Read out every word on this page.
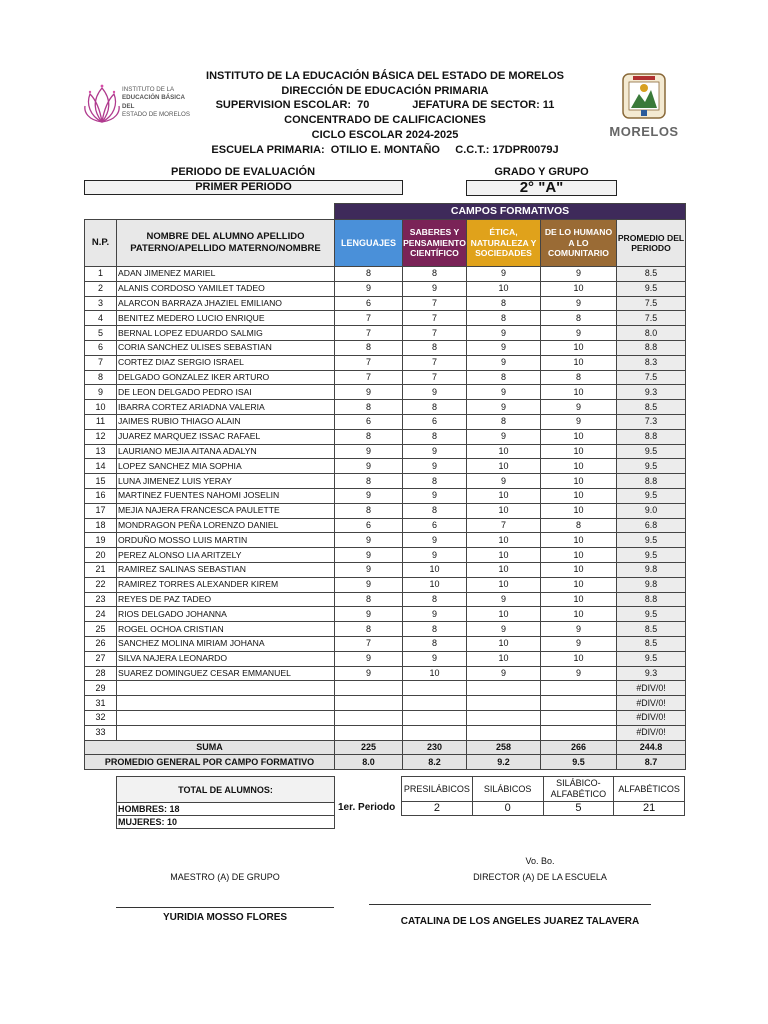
INSTITUTO DE LA
EDUCACIÓN BÁSICA DEL
ESTADO DE MORELOS
INSTITUTO DE LA EDUCACIÓN BÁSICA DEL ESTADO DE MORELOS
DIRECCIÓN DE EDUCACIÓN PRIMARIA
SUPERVISION ESCOLAR:  70              JEFATURA DE SECTOR: 11
CONCENTRADO DE CALIFICACIONES
CICLO ESCOLAR 2024-2025
ESCUELA PRIMARIA:  OTILIO E. MONTAÑO     C.C.T.: 17DPR0079J
MORELOS
PERIODO DE EVALUACIÓN
PRIMER PERIODO
GRADO Y GRUPO
2° "A"
		CAMPOS FORMATIVOS				
N.P.	NOMBRE DEL ALUMNO APELLIDO PATERNO/APELLIDO MATERNO/NOMBRE	LENGUAJES	SABERES Y PENSAMIENTO CIENTÍFICO	ÉTICA, NATURALEZA Y SOCIEDADES	DE LO HUMANO A LO COMUNITARIO	PROMEDIO DEL PERIODO
1	ADAN JIMENEZ MARIEL	8	8	9	9	8.5
2	ALANIS CORDOSO YAMILET TADEO	9	9	10	10	9.5
3	ALARCON BARRAZA JHAZIEL EMILIANO	6	7	8	9	7.5
4	BENITEZ MEDERO LUCIO ENRIQUE	7	7	8	8	7.5
5	BERNAL LOPEZ EDUARDO SALMIG	7	7	9	9	8.0
6	CORIA SANCHEZ ULISES SEBASTIAN	8	8	9	10	8.8
7	CORTEZ DIAZ SERGIO ISRAEL	7	7	9	10	8.3
8	DELGADO GONZALEZ IKER ARTURO	7	7	8	8	7.5
9	DE LEON DELGADO PEDRO ISAI	9	9	9	10	9.3
10	IBARRA CORTEZ ARIADNA VALERIA	8	8	9	9	8.5
11	JAIMES RUBIO THIAGO ALAIN	6	6	8	9	7.3
12	JUAREZ MARQUEZ ISSAC RAFAEL	8	8	9	10	8.8
13	LAURIANO MEJIA AITANA ADALYN	9	9	10	10	9.5
14	LOPEZ SANCHEZ MIA SOPHIA	9	9	10	10	9.5
15	LUNA JIMENEZ LUIS YERAY	8	8	9	10	8.8
16	MARTINEZ FUENTES NAHOMI JOSELIN	9	9	10	10	9.5
17	MEJIA NAJERA FRANCESCA PAULETTE	8	8	10	10	9.0
18	MONDRAGON PEÑA LORENZO DANIEL	6	6	7	8	6.8
19	ORDUÑO MOSSO LUIS MARTIN	9	9	10	10	9.5
20	PEREZ ALONSO LIA ARITZELY	9	9	10	10	9.5
21	RAMIREZ SALINAS SEBASTIAN	9	10	10	10	9.8
22	RAMIREZ TORRES ALEXANDER KIREM	9	10	10	10	9.8
23	REYES DE PAZ TADEO	8	8	9	10	8.8
24	RIOS DELGADO JOHANNA	9	9	10	10	9.5
25	ROGEL OCHOA CRISTIAN	8	8	9	9	8.5
26	SANCHEZ MOLINA MIRIAM JOHANA	7	8	10	9	8.5
27	SILVA NAJERA LEONARDO	9	9	10	10	9.5
28	SUAREZ DOMINGUEZ CESAR EMMANUEL	9	10	9	9	9.3
29						#DIV/0!
31						#DIV/0!
32						#DIV/0!
33						#DIV/0!
SUMA		225	230	258	266	244.8
PROMEDIO GENERAL POR CAMPO FORMATIVO		8.0	8.2	9.2	9.5	8.7
TOTAL DE ALUMNOS:
HOMBRES: 18
MUJERES: 10
1er. Periodo
PRESILÁBICOS	SILÁBICOS	SILÁBICO-ALFABÉTICO	ALFABÉTICOS
2	0	5	21
MAESTRO (A) DE GRUPO
YURIDIA MOSSO FLORES
Vo. Bo.
DIRECTOR (A) DE LA ESCUELA
CATALINA DE LOS ANGELES JUAREZ TALAVERA
